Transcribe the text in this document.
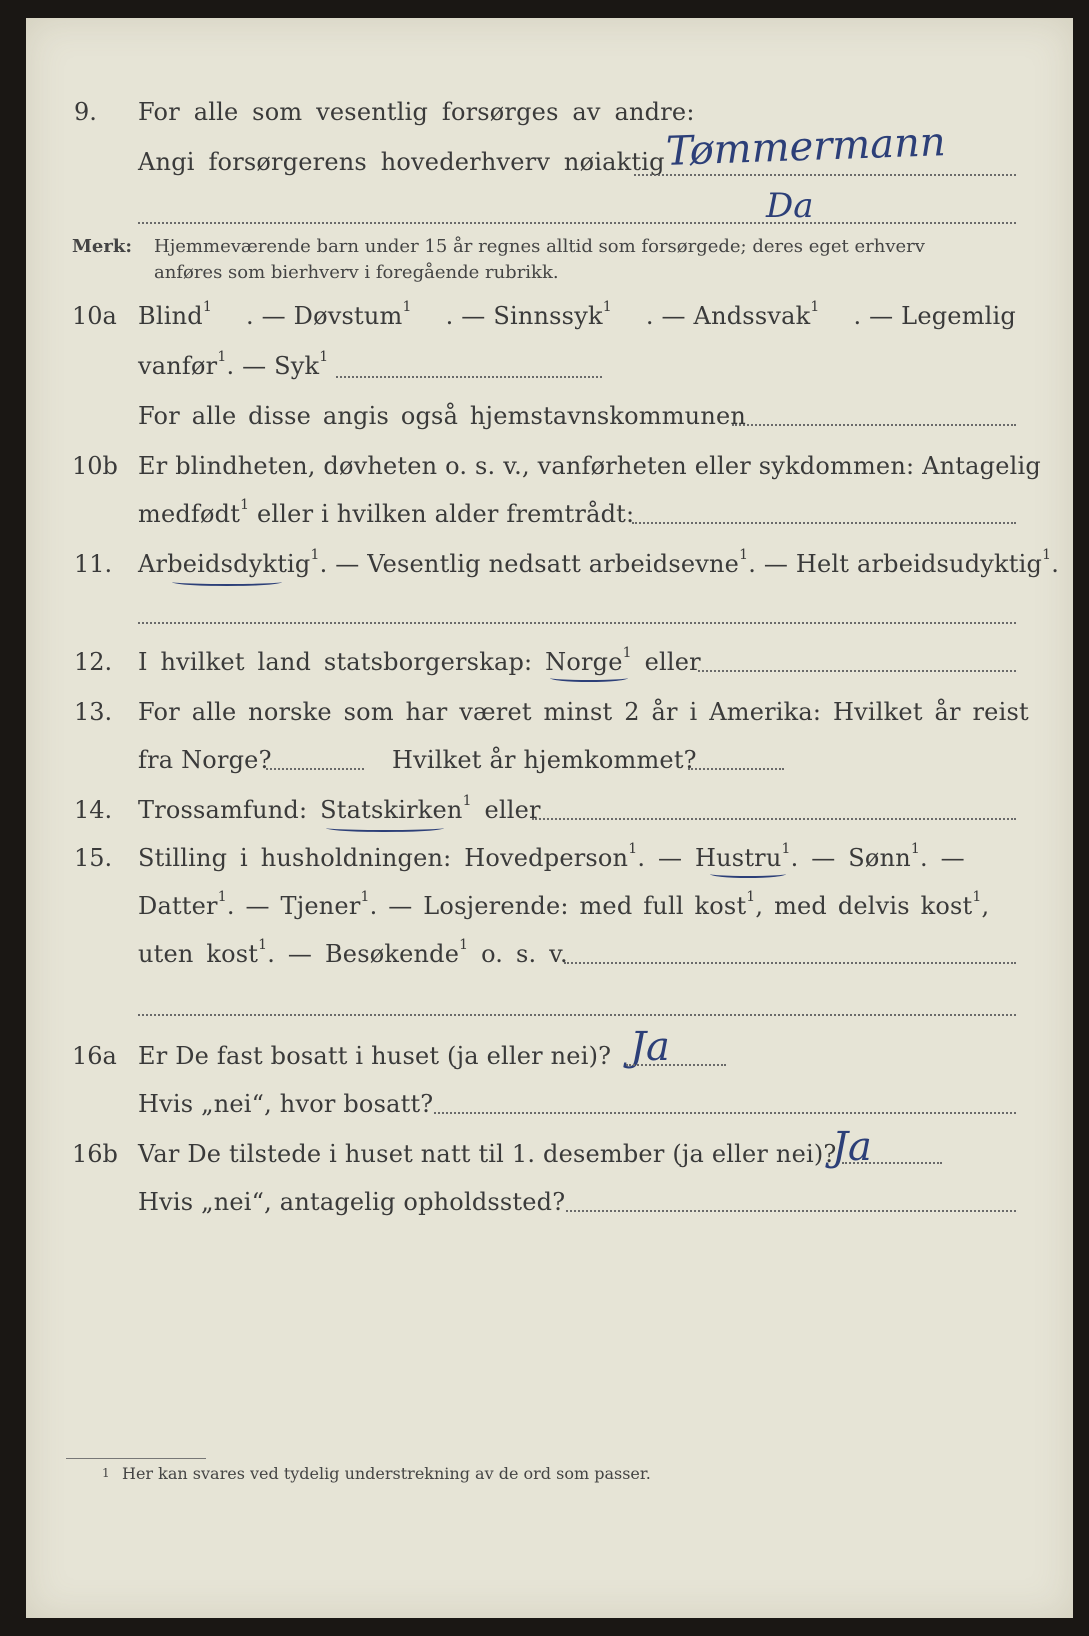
9. For alle som vesentlig forsørges av andre:
Tømmermann
Angi forsørgerens hovederhverv nøiaktig
Da
Merk: Hjemmeværende barn under 15 år regnes alltid som forsørgede; deres eget erhverv
anføres som bierhverv i foregående rubrikk.
10a Blind$^1$ . — Døvstum$^1$ . — Sinnssyk$^1$ . — Andssvak$^1$ . — Legemlig
vanfør$^1$. — Syk$^1$
For alle disse angis også hjemstavnskommunen
10b Er blindheten, døvheten o. s. v., vanførheten eller sykdommen: Antagelig
medfødt$^1$ eller i hvilken alder fremtrådt:
11. Arbeidsdyktig$^1$. — Vesentlig nedsatt arbeidsevne$^1$. — Helt arbeidsudyktig$^1$.
12. I hvilket land statsborgerskap: Norge$^1$ eller
13. For alle norske som har været minst 2 år i Amerika: Hvilket år reist
fra Norge?	Hvilket år hjemkommet?
14. Trossamfund: Statskirken$^1$ eller
15. Stilling i husholdningen: Hovedperson$^1$. — Hustru$^1$. — Sønn$^1$. —
Datter$^1$. — Tjener$^1$. — Losjerende: med full kost$^1$, med delvis kost$^1$,
uten kost$^1$. — Besøkende$^1$ o. s. v.
16a Er De fast bosatt i huset (ja eller nei)? Ja
Hvis „nei“, hvor bosatt?
16b Var De tilstede i huset natt til 1. desember (ja eller nei)?
Ja
Hvis „nei“, antagelig opholdssted?
1 Her kan svares ved tydelig understrekning av de ord som passer.
